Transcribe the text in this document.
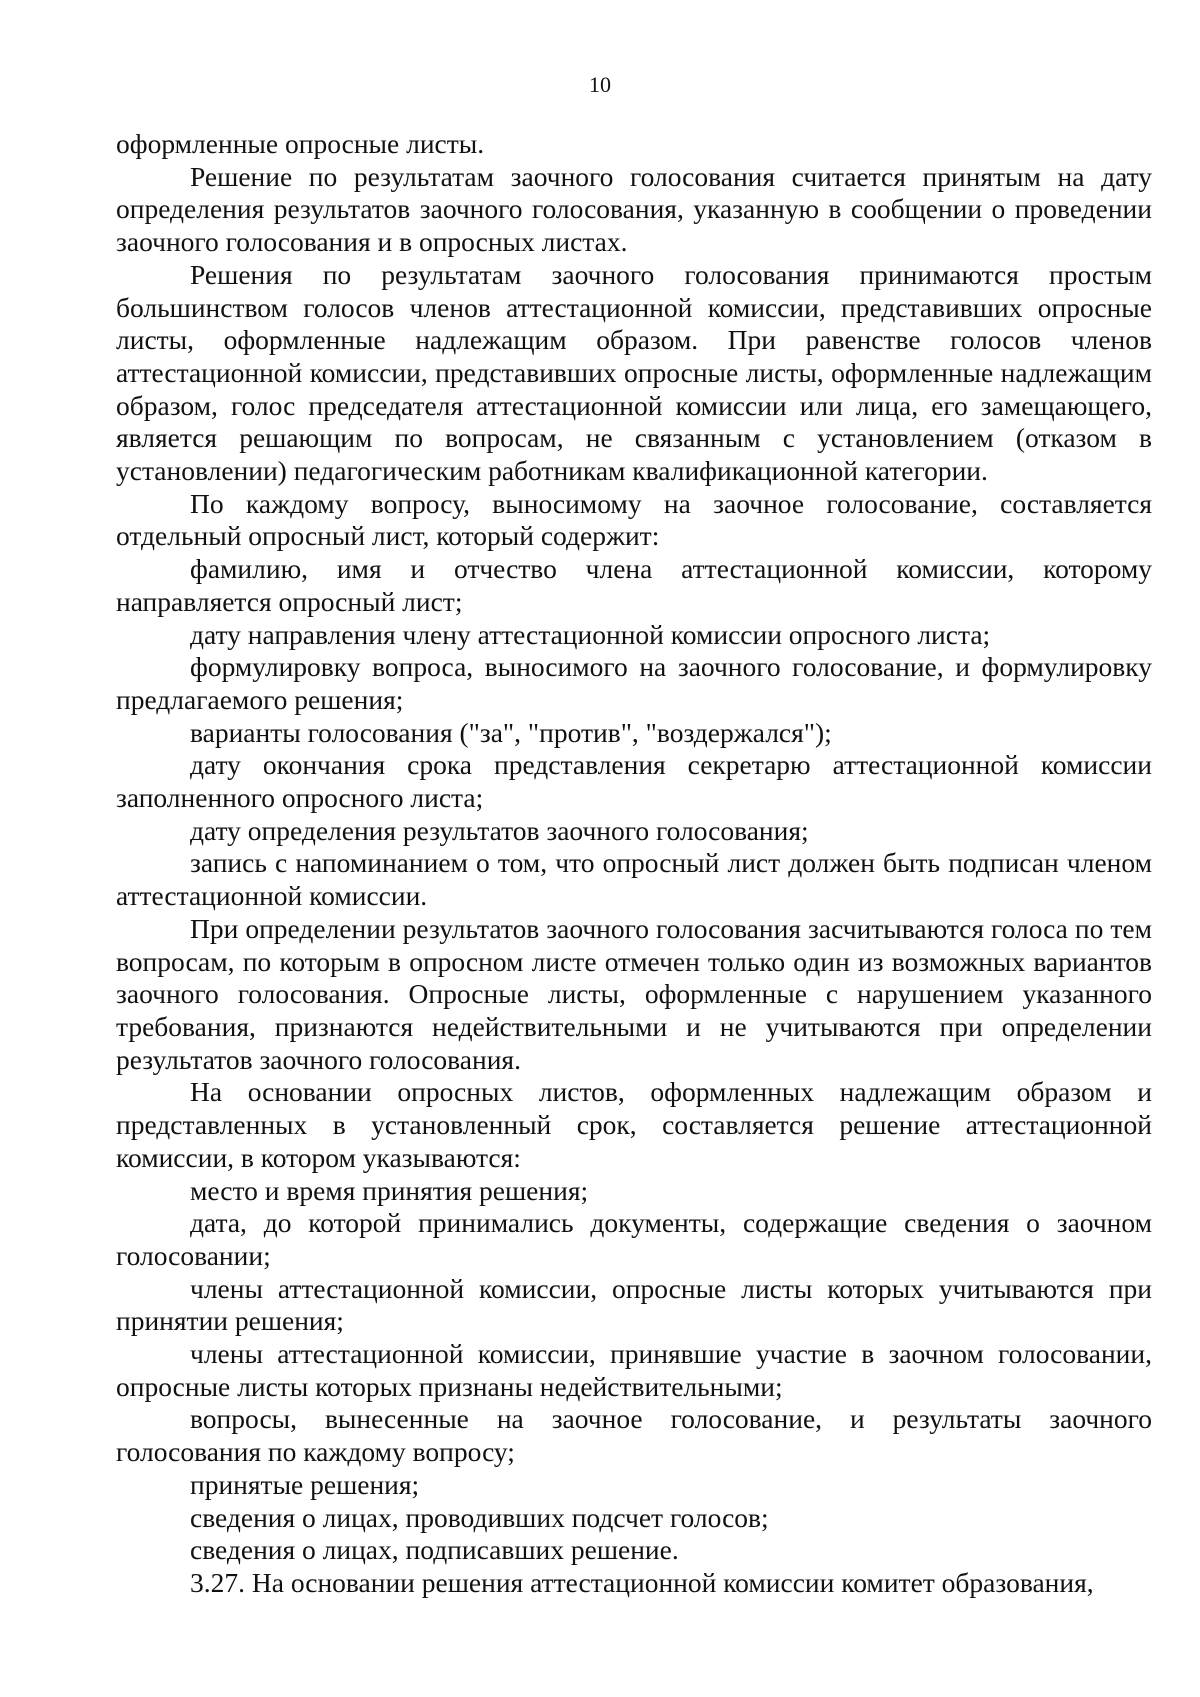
10

оформленные опросные листы.

Решение по результатам заочного голосования считается принятым на дату определения результатов заочного голосования, указанную в сообщении о проведении заочного голосования и в опросных листах.

Решения по результатам заочного голосования принимаются простым большинством голосов членов аттестационной комиссии, представивших опросные листы, оформленные надлежащим образом. При равенстве голосов членов аттестационной комиссии, представивших опросные листы, оформленные надлежащим образом, голос председателя аттестационной комиссии или лица, его замещающего, является решающим по вопросам, не связанным с установлением (отказом в установлении) педагогическим работникам квалификационной категории.

По каждому вопросу, выносимому на заочное голосование, составляется отдельный опросный лист, который содержит:

фамилию, имя и отчество члена аттестационной комиссии, которому направляется опросный лист;

дату направления члену аттестационной комиссии опросного листа;

формулировку вопроса, выносимого на заочного голосование, и формулировку предлагаемого решения;

варианты голосования ("за", "против", "воздержался");

дату окончания срока представления секретарю аттестационной комиссии заполненного опросного листа;

дату определения результатов заочного голосования;

запись с напоминанием о том, что опросный лист должен быть подписан членом аттестационной комиссии.

При определении результатов заочного голосования засчитываются голоса по тем вопросам, по которым в опросном листе отмечен только один из возможных вариантов заочного голосования. Опросные листы, оформленные с нарушением указанного требования, признаются недействительными и не учитываются при определении результатов заочного голосования.

На основании опросных листов, оформленных надлежащим образом и представленных в установленный срок, составляется решение аттестационной комиссии, в котором указываются:

место и время принятия решения;

дата, до которой принимались документы, содержащие сведения о заочном голосовании;

члены аттестационной комиссии, опросные листы которых учитываются при принятии решения;

члены аттестационной комиссии, принявшие участие в заочном голосовании, опросные листы которых признаны недействительными;

вопросы, вынесенные на заочное голосование, и результаты заочного голосования по каждому вопросу;

принятые решения;

сведения о лицах, проводивших подсчет голосов;

сведения о лицах, подписавших решение.

3.27. На основании решения аттестационной комиссии комитет образования,
